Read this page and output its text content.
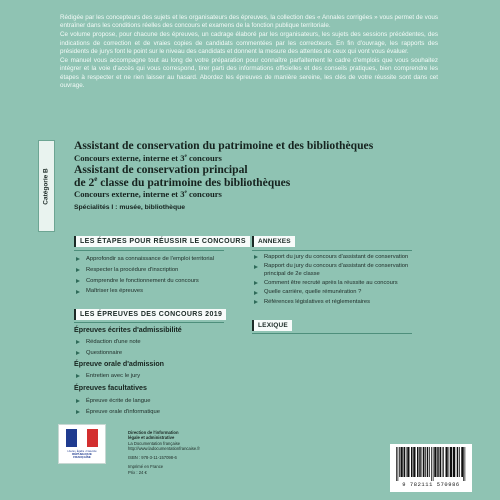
Rédigée par les concepteurs des sujets et les organisateurs des épreuves, la collection des « Annales corrigées » vous permet de vous entraîner dans les conditions réelles des concours et examens de la fonction publique territoriale.

Ce volume propose, pour chacune des épreuves, un cadrage élaboré par les organisateurs, les sujets des sessions précédentes, des indications de correction et de vraies copies de candidats commentées par les correcteurs. En fin d'ouvrage, les rapports des présidents de jurys font le point sur le niveau des candidats et donnent la mesure des attentes de ceux qui vont vous évaluer.

Ce manuel vous accompagne tout au long de votre préparation pour connaître parfaitement le cadre d'emplois que vous souhaitez intégrer et la voie d'accès qui vous correspond, tirer parti des informations officielles et des conseils pratiques, bien comprendre les étapes à respecter et ne rien laisser au hasard. Abordez les épreuves de manière sereine, les clés de votre réussite sont dans cet ouvrage.

Catégorie B
Assistant de conservation du patrimoine et des bibliothèques
Concours externe, interne et 3e concours
Assistant de conservation principal
de 2e classe du patrimoine des bibliothèques
Concours externe, interne et 3e concours
Spécialités I : musée, bibliothèque
LES ÉTAPES POUR RÉUSSIR LE CONCOURS
Approfondir sa connaissance de l'emploi territorial
Respecter la procédure d'inscription
Comprendre le fonctionnement du concours
Maîtriser les épreuves
LES ÉPREUVES DES CONCOURS 2019
Épreuves écrites d'admissibilité
Rédaction d'une note
Questionnaire
Épreuve orale d'admission
Entretien avec le jury
Épreuves facultatives
Épreuve écrite de langue
Épreuve orale d'informatique
ANNEXES
Rapport du jury du concours d'assistant de conservation
Rapport du jury du concours d'assistant de conservation principal de 2e classe
Comment être recruté après la réussite au concours
Quelle carrière, quelle rémunération ?
Références législatives et réglementaires
LEXIQUE
Liberté • Égalité • Fraternité
RÉPUBLIQUE
FRANÇAISE
Direction de l'information
légale et administrative
La Documentation française
http://www.ladocumentationfrancaise.fr
ISBN : 978-3-11-157098-6
Imprimé en France
Prix : 24 €
9 782111 570986
